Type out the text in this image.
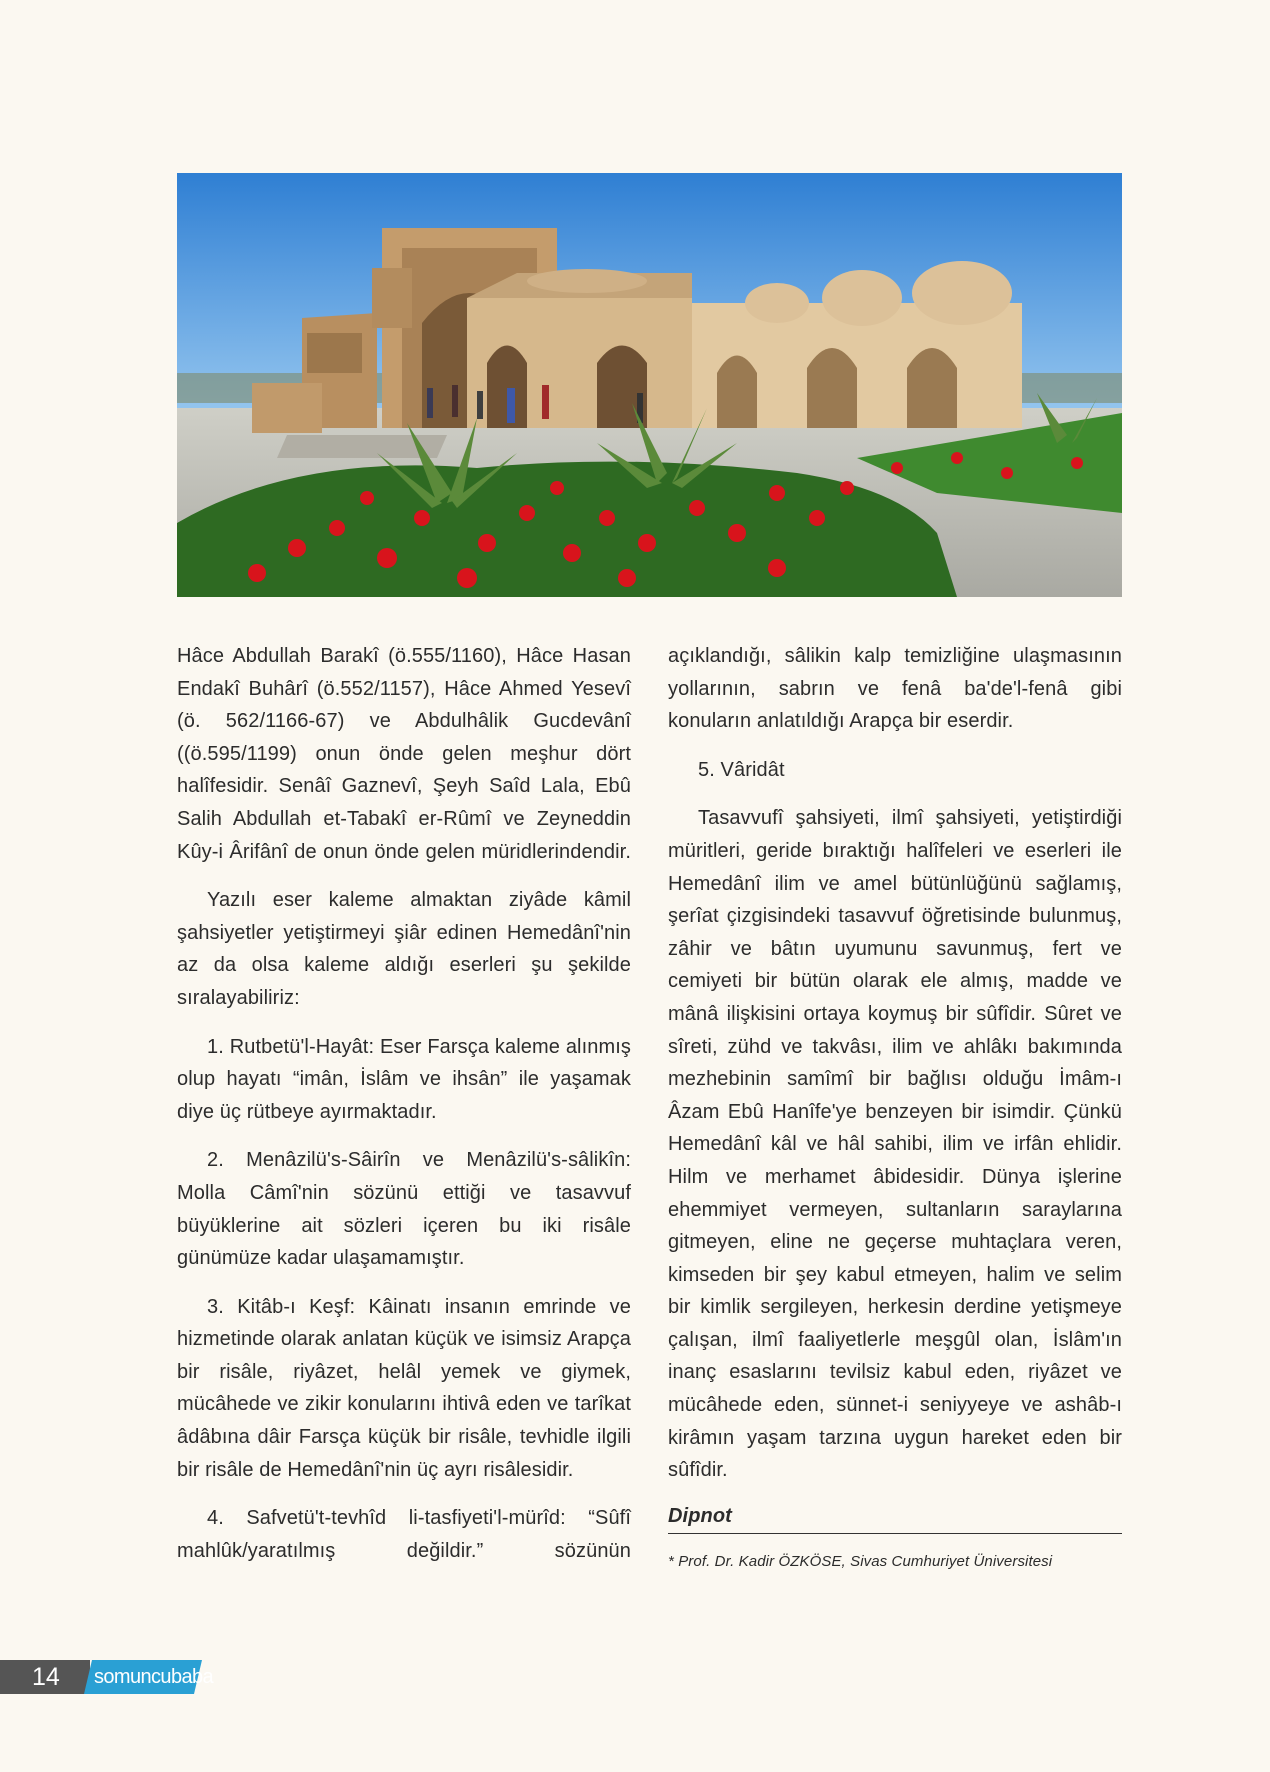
Hâce Abdullah Barakî (ö.555/1160), Hâce Hasan Endakî Buhârî (ö.552/1157), Hâce Ahmed Yesevî (ö. 562/1166-67) ve Abdulhâlik Gucdevânî ((ö.595/1199) onun önde gelen meşhur dört halîfesidir. Senâî Gaznevî, Şeyh Saîd Lala, Ebû Salih Abdullah et-Tabakî er-Rûmî ve Zeyneddin Kûy-i Ârifânî de onun önde gelen müridlerindendir.

Yazılı eser kaleme almaktan ziyâde kâmil şahsiyetler yetiştirmeyi şiâr edinen Hemedânî'nin az da olsa kaleme aldığı eserleri şu şekilde sıralayabiliriz:

1. Rutbetü'l-Hayât: Eser Farsça kaleme alınmış olup hayatı “imân, İslâm ve ihsân” ile yaşamak diye üç rütbeye ayırmaktadır.

2. Menâzilü's-Sâirîn ve Menâzilü's-sâlikîn: Molla Câmî'nin sözünü ettiği ve tasavvuf büyüklerine ait sözleri içeren bu iki risâle günümüze kadar ulaşamamıştır.

3. Kitâb-ı Keşf: Kâinatı insanın emrinde ve hizmetinde olarak anlatan küçük ve isimsiz Arapça bir risâle, riyâzet, helâl yemek ve giymek, mücâhede ve zikir konularını ihtivâ eden ve tarîkat âdâbına dâir Farsça küçük bir risâle, tevhidle ilgili bir risâle de Hemedânî'nin üç ayrı risâlesidir.

4. Safvetü't-tevhîd li-tasfiyeti'l-mürîd: “Sûfî mahlûk/yaratılmış değildir.” sözünün

açıklandığı, sâlikin kalp temizliğine ulaşmasının yollarının, sabrın ve fenâ ba'de'l-fenâ gibi konuların anlatıldığı Arapça bir eserdir.

5. Vâridât

Tasavvufî şahsiyeti, ilmî şahsiyeti, yetiştirdiği müritleri, geride bıraktığı halîfeleri ve eserleri ile Hemedânî ilim ve amel bütünlüğünü sağlamış, şerîat çizgisindeki tasavvuf öğretisinde bulunmuş, zâhir ve bâtın uyumunu savunmuş, fert ve cemiyeti bir bütün olarak ele almış, madde ve mânâ ilişkisini ortaya koymuş bir sûfîdir. Sûret ve sîreti, zühd ve takvâsı, ilim ve ahlâkı bakımında mezhebinin samîmî bir bağlısı olduğu İmâm-ı Âzam Ebû Hanîfe'ye benzeyen bir isimdir. Çünkü Hemedânî kâl ve hâl sahibi, ilim ve irfân ehlidir. Hilm ve merhamet âbidesidir. Dünya işlerine ehemmiyet vermeyen, sultanların saraylarına gitmeyen, eline ne geçerse muhtaçlara veren, kimseden bir şey kabul etmeyen, halim ve selim bir kimlik sergileyen, herkesin derdine yetişmeye çalışan, ilmî faaliyetlerle meşgûl olan, İslâm'ın inanç esaslarını tevilsiz kabul eden, riyâzet ve mücâhede eden, sünnet-i seniyyeye ve ashâb-ı kirâmın yaşam tarzına uygun hareket eden bir sûfîdir.

Dipnot
* Prof. Dr. Kadir ÖZKÖSE, Sivas Cumhuriyet Üniversitesi
14 somuncubaba
